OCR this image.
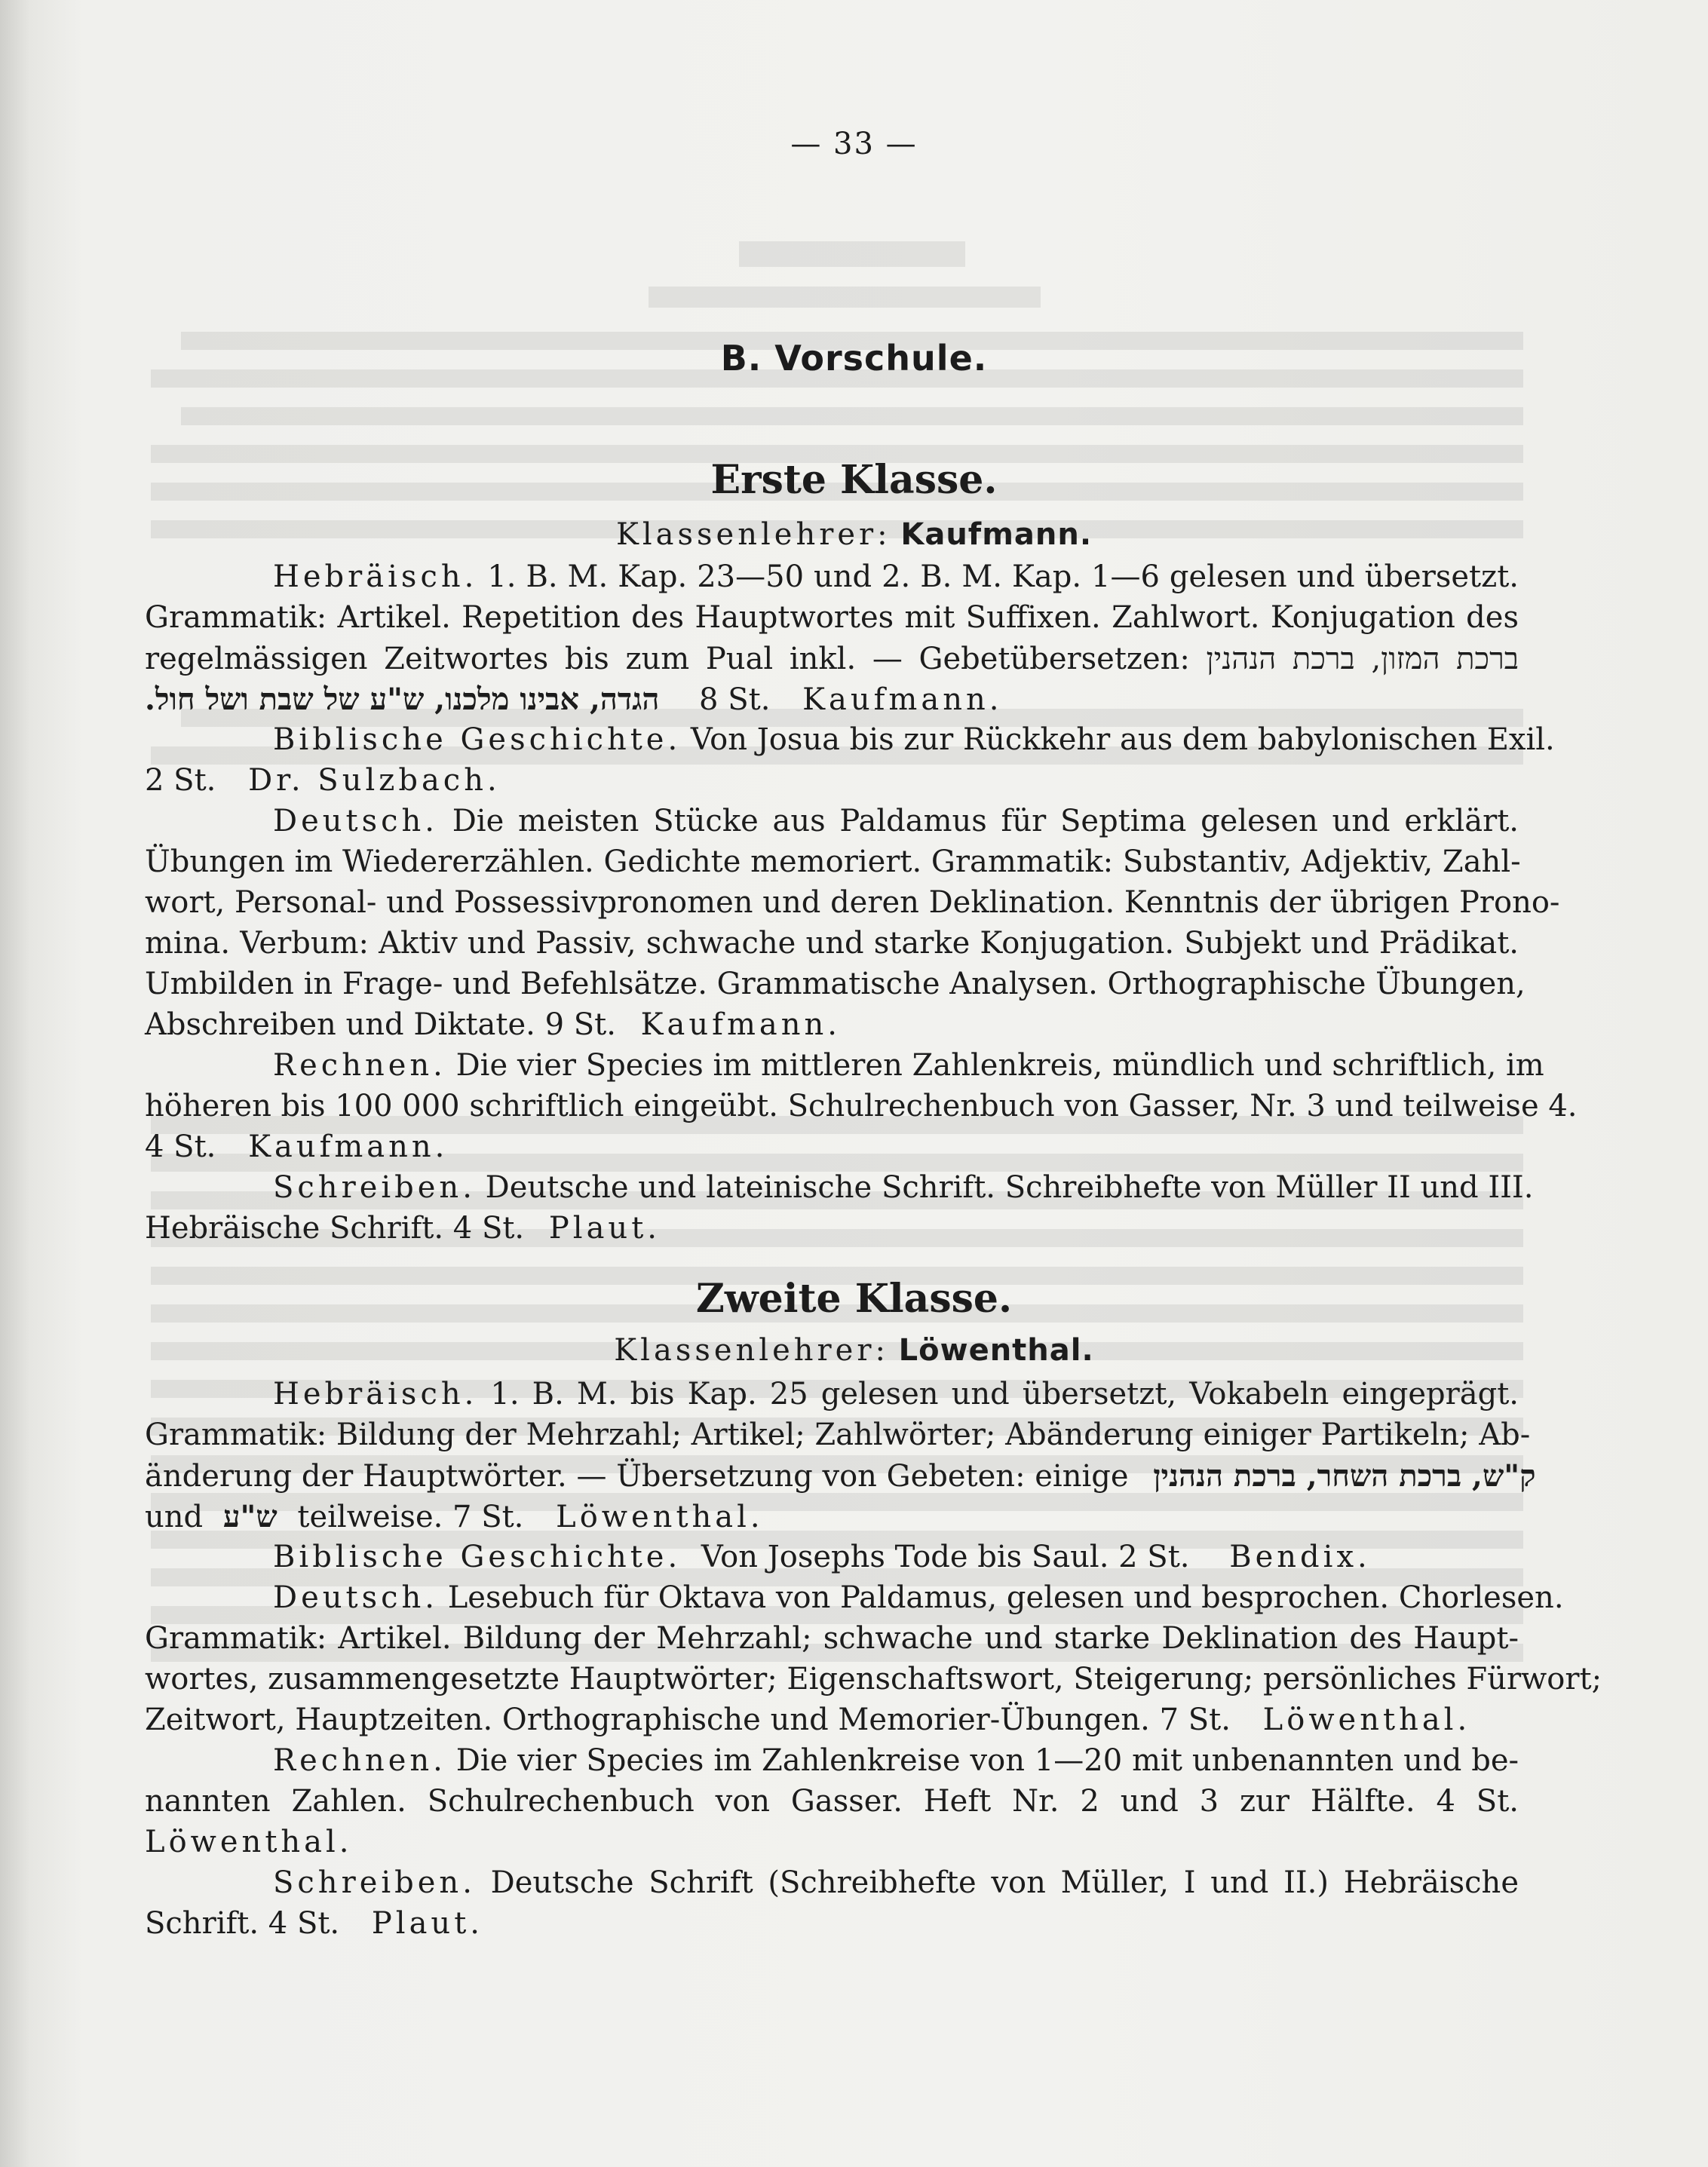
— 33 —
B. Vorschule.
Erste Klasse.
Klassenlehrer: Kaufmann.
Hebräisch. 1. B. M. Kap. 23—50 und 2. B. M. Kap. 1—6 gelesen und übersetzt.
Grammatik: Artikel. Repetition des Hauptwortes mit Suffixen. Zahlwort. Konjugation des
regelmässigen Zeitwortes bis zum Pual inkl. — Gebetübersetzen: ברכת המזון, ברכת הנהנין
הגדה, אבינו מלכנו, ש"ע של שבת ושל חול. 8 St. Kaufmann.
Biblische Geschichte. Von Josua bis zur Rückkehr aus dem babylonischen Exil.
2 St. Dr. Sulzbach.
Deutsch. Die meisten Stücke aus Paldamus für Septima gelesen und erklärt.
Übungen im Wiedererzählen. Gedichte memoriert. Grammatik: Substantiv, Adjektiv, Zahl-
wort, Personal- und Possessivpronomen und deren Deklination. Kenntnis der übrigen Prono-
mina. Verbum: Aktiv und Passiv, schwache und starke Konjugation. Subjekt und Prädikat.
Umbilden in Frage- und Befehlsätze. Grammatische Analysen. Orthographische Übungen,
Abschreiben und Diktate. 9 St. Kaufmann.
Rechnen. Die vier Species im mittleren Zahlenkreis, mündlich und schriftlich, im
höheren bis 100 000 schriftlich eingeübt. Schulrechenbuch von Gasser, Nr. 3 und teilweise 4.
4 St. Kaufmann.
Schreiben. Deutsche und lateinische Schrift. Schreibhefte von Müller II und III.
Hebräische Schrift. 4 St. Plaut.
Zweite Klasse.
Klassenlehrer: Löwenthal.
Hebräisch. 1. B. M. bis Kap. 25 gelesen und übersetzt, Vokabeln eingeprägt.
Grammatik: Bildung der Mehrzahl; Artikel; Zahlwörter; Abänderung einiger Partikeln; Ab-
änderung der Hauptwörter. — Übersetzung von Gebeten: einige ק"ש, ברכת השחר, ברכת הנהנין
und ש"ע teilweise. 7 St. Löwenthal.
Biblische Geschichte. Von Josephs Tode bis Saul. 2 St. Bendix.
Deutsch. Lesebuch für Oktava von Paldamus, gelesen und besprochen. Chorlesen.
Grammatik: Artikel. Bildung der Mehrzahl; schwache und starke Deklination des Haupt-
wortes, zusammengesetzte Hauptwörter; Eigenschaftswort, Steigerung; persönliches Fürwort;
Zeitwort, Hauptzeiten. Orthographische und Memorier-Übungen. 7 St. Löwenthal.
Rechnen. Die vier Species im Zahlenkreise von 1—20 mit unbenannten und be-
nannten Zahlen. Schulrechenbuch von Gasser. Heft Nr. 2 und 3 zur Hälfte. 4 St.
Löwenthal.
Schreiben. Deutsche Schrift (Schreibhefte von Müller, I und II.) Hebräische
Schrift. 4 St. Plaut.
